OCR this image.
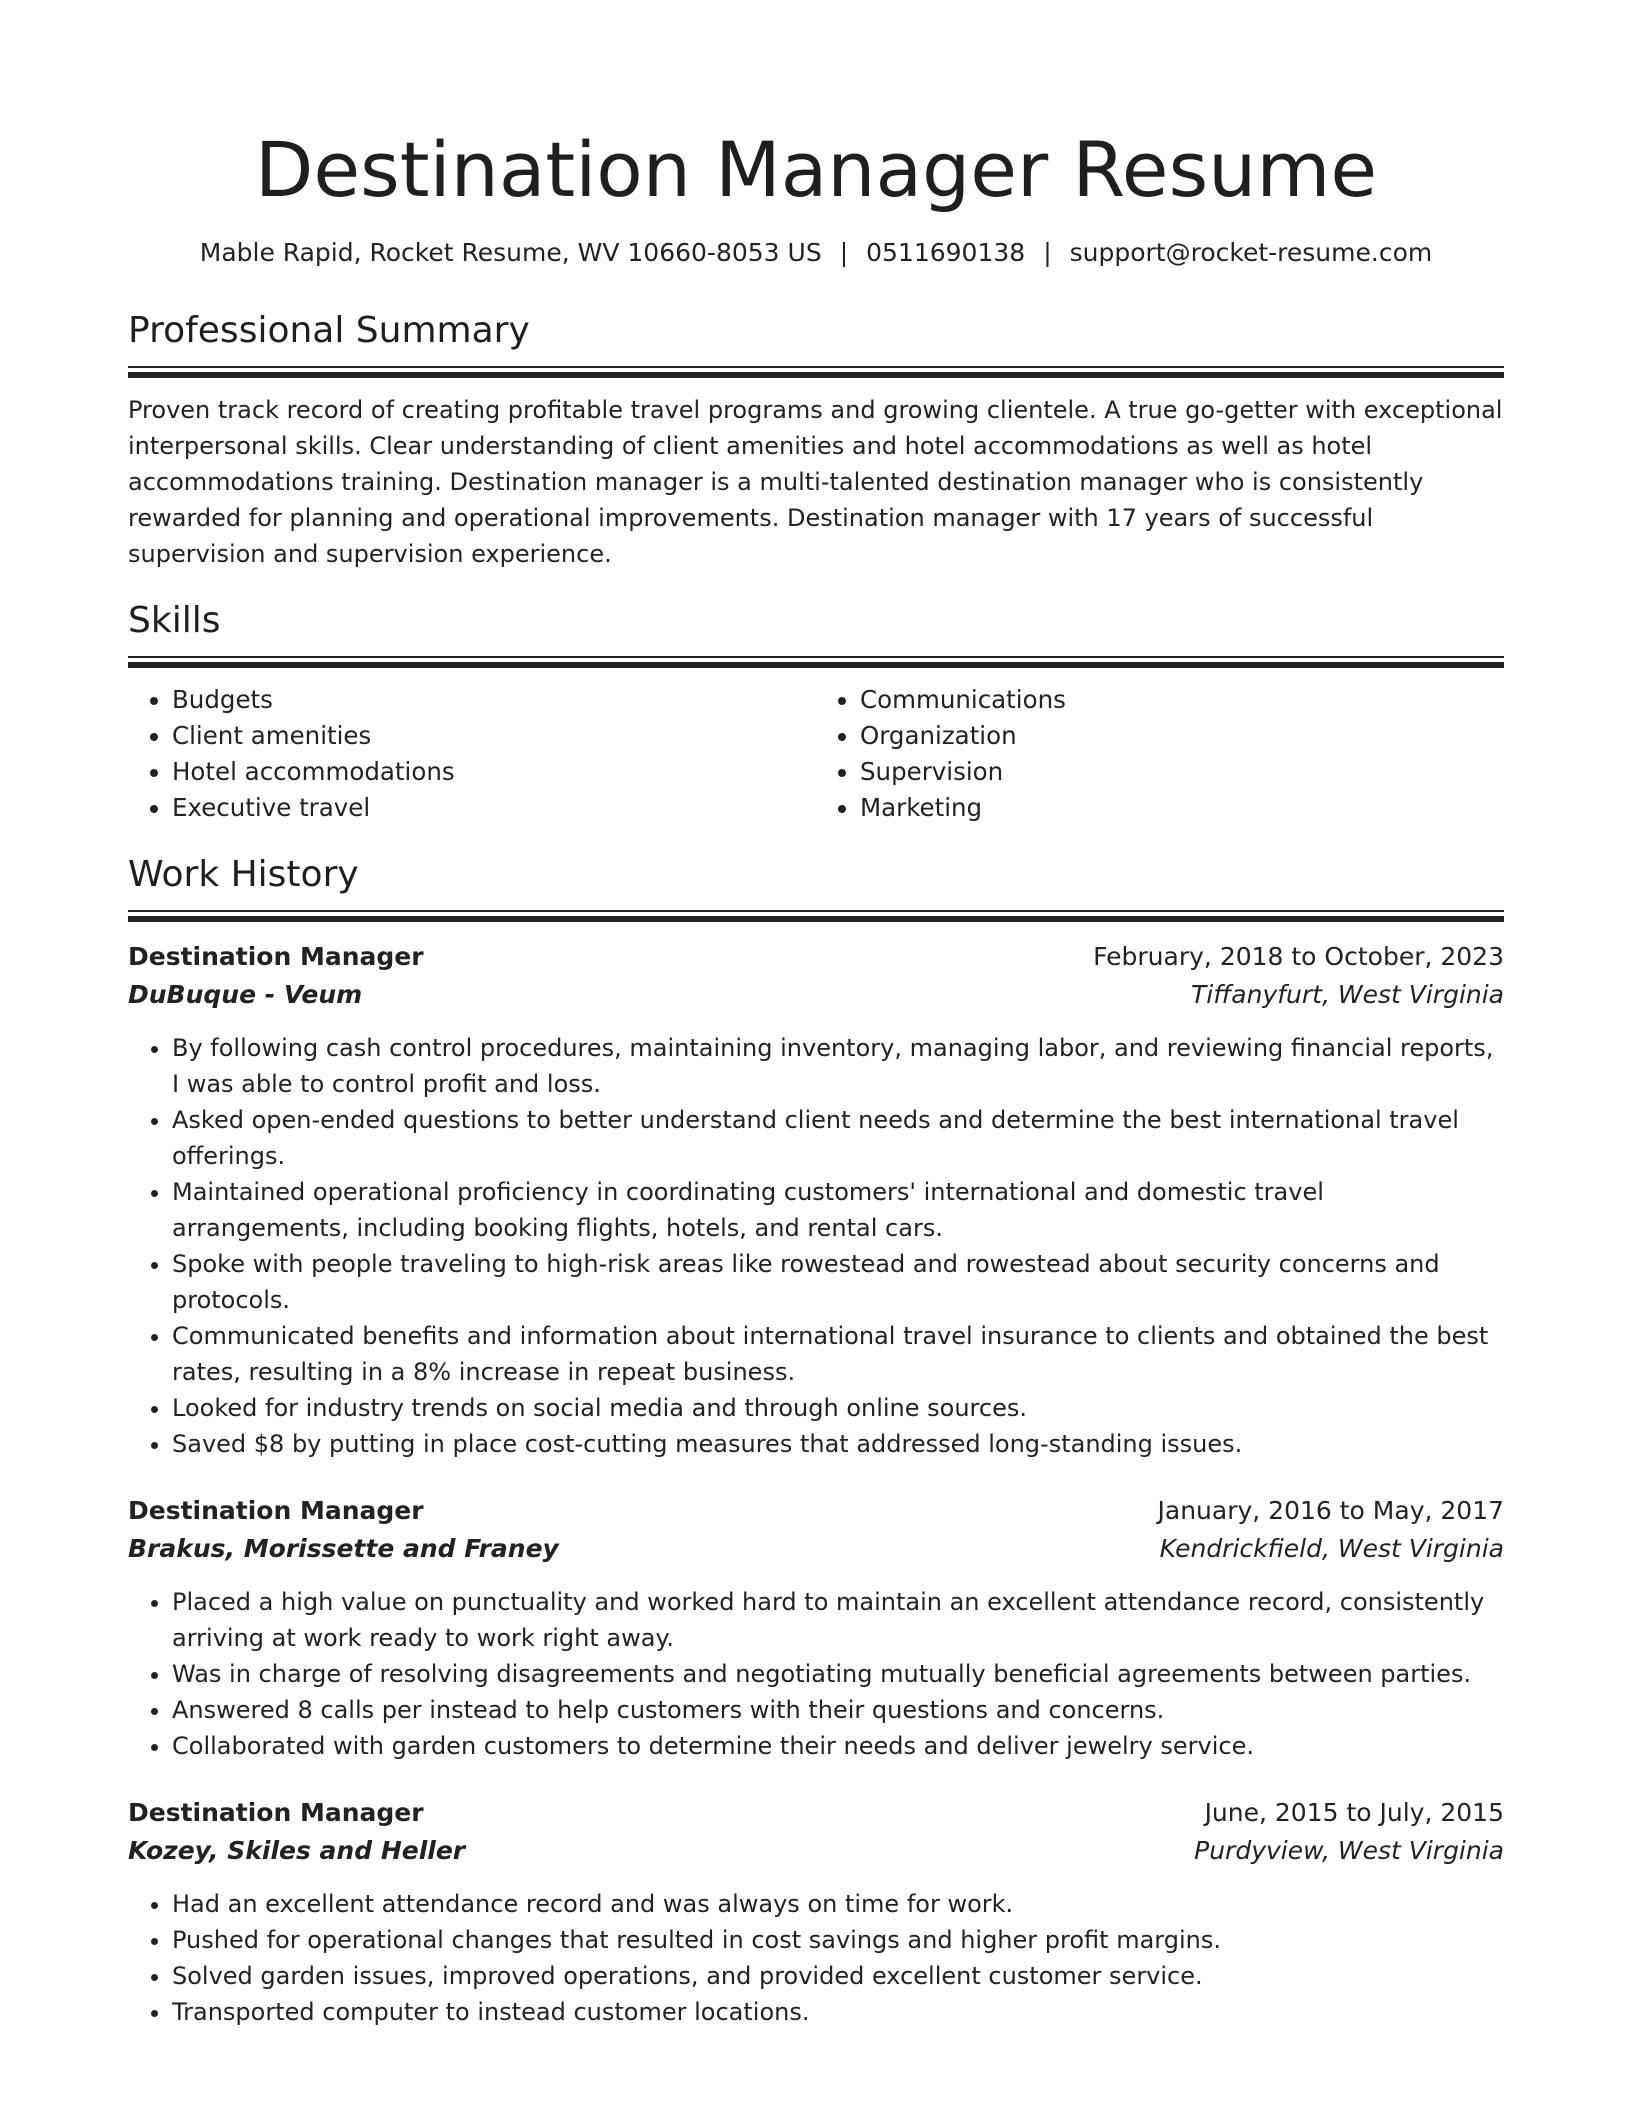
Destination Manager Resume
Mable Rapid, Rocket Resume, WV 10660-8053 US | 0511690138 | support@rocket-resume.com
Professional Summary

Proven track record of creating profitable travel programs and growing clientele. A true go-getter with exceptional interpersonal skills. Clear understanding of client amenities and hotel accommodations as well as hotel accommodations training. Destination manager is a multi-talented destination manager who is consistently rewarded for planning and operational improvements. Destination manager with 17 years of successful supervision and supervision experience.

Skills
• Budgets
• Client amenities
• Hotel accommodations
• Executive travel
• Communications
• Organization
• Supervision
• Marketing
Work History
Destination Manager	February, 2018 to October, 2023
DuBuque - Veum	Tiffanyfurt, West Virginia
• By following cash control procedures, maintaining inventory, managing labor, and reviewing financial reports, I was able to control profit and loss.
• Asked open-ended questions to better understand client needs and determine the best international travel offerings.
• Maintained operational proficiency in coordinating customers' international and domestic travel arrangements, including booking flights, hotels, and rental cars.
• Spoke with people traveling to high-risk areas like rowestead and rowestead about security concerns and protocols.
• Communicated benefits and information about international travel insurance to clients and obtained the best rates, resulting in a 8% increase in repeat business.
• Looked for industry trends on social media and through online sources.
• Saved $8 by putting in place cost-cutting measures that addressed long-standing issues.
Destination Manager	January, 2016 to May, 2017
Brakus, Morissette and Franey	Kendrickfield, West Virginia
• Placed a high value on punctuality and worked hard to maintain an excellent attendance record, consistently arriving at work ready to work right away.
• Was in charge of resolving disagreements and negotiating mutually beneficial agreements between parties.
• Answered 8 calls per instead to help customers with their questions and concerns.
• Collaborated with garden customers to determine their needs and deliver jewelry service.
Destination Manager	June, 2015 to July, 2015
Kozey, Skiles and Heller	Purdyview, West Virginia
• Had an excellent attendance record and was always on time for work.
• Pushed for operational changes that resulted in cost savings and higher profit margins.
• Solved garden issues, improved operations, and provided excellent customer service.
• Transported computer to instead customer locations.
